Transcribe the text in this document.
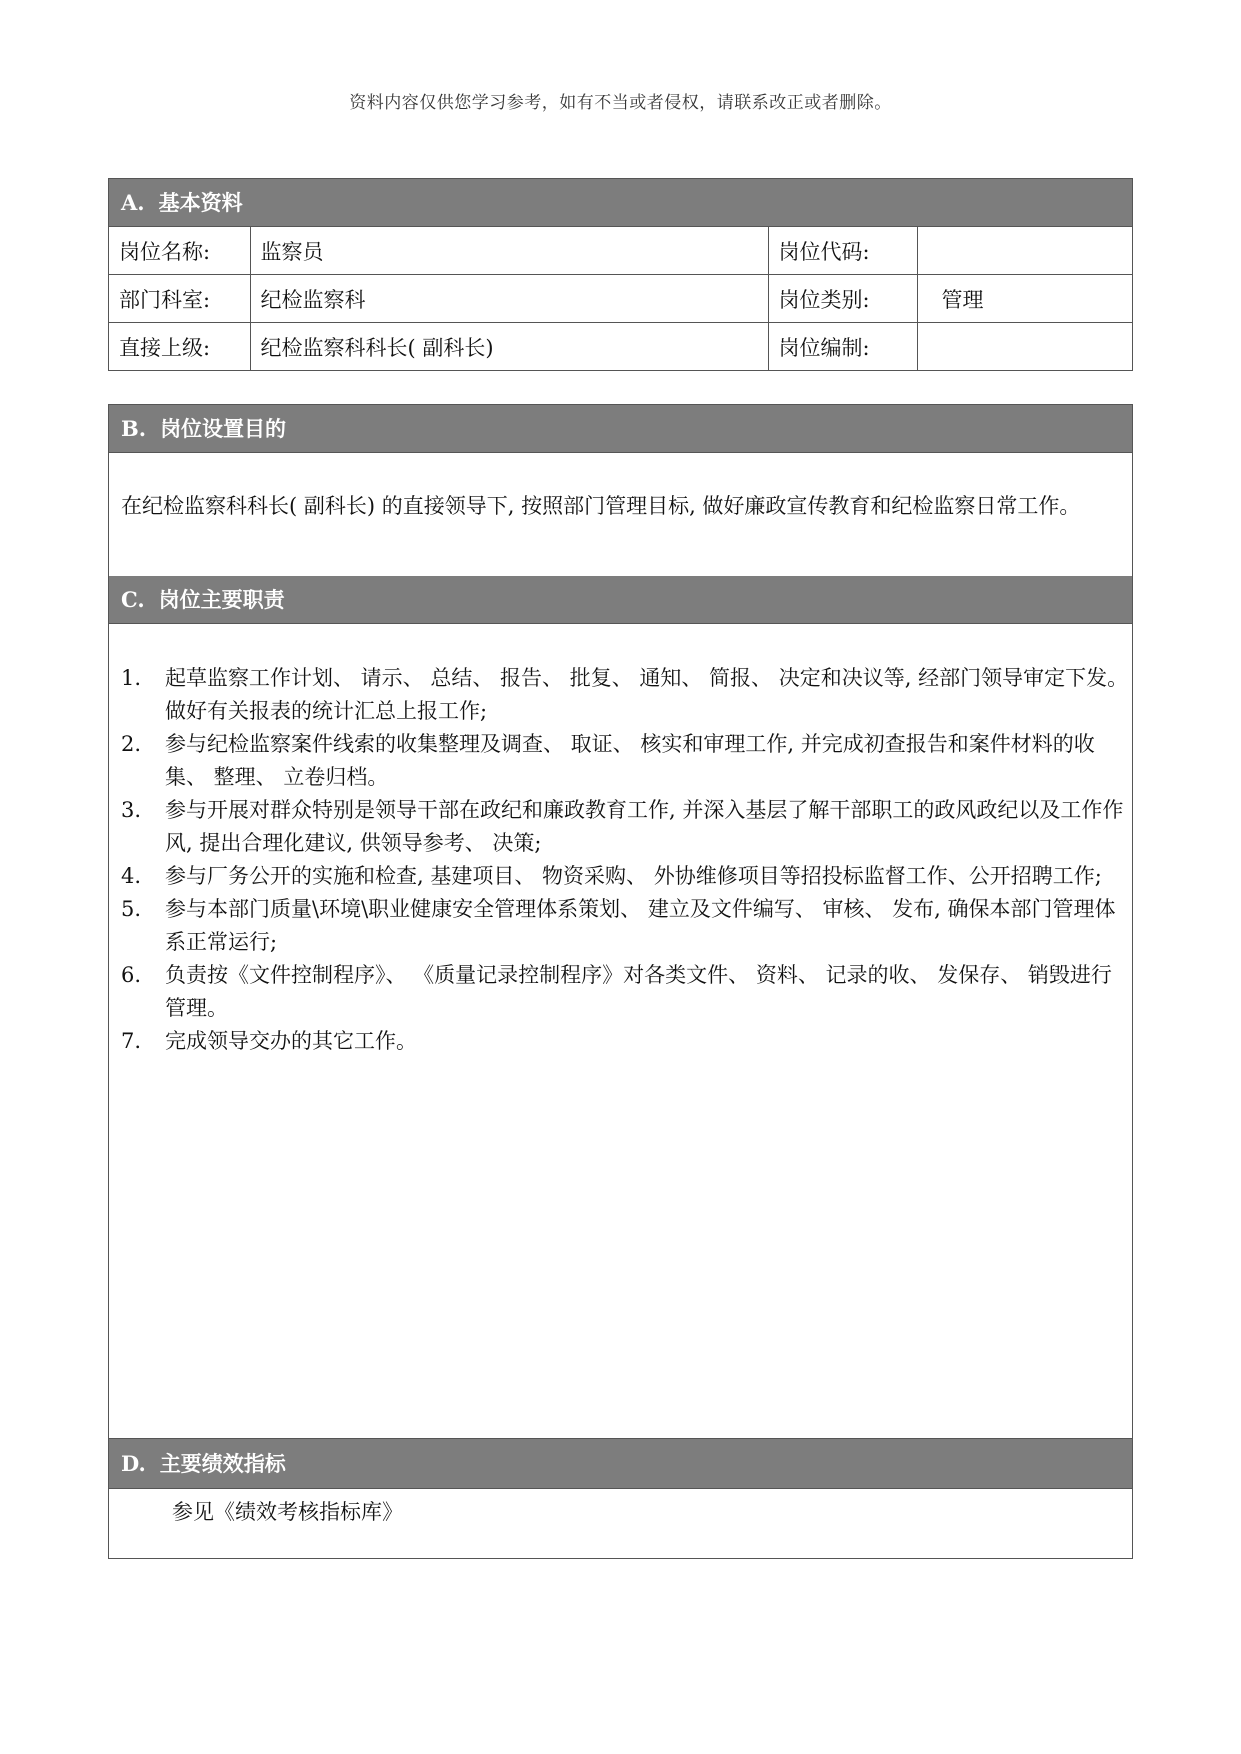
资料内容仅供您学习参考，如有不当或者侵权，请联系改正或者删除。
A. 基本资料
岗位名称:	监察员	岗位代码:	
部门科室:	纪检监察科	岗位类别:	管理
直接上级:	纪检监察科科长( 副科长)	岗位编制:	
B. 岗位设置目的
在纪检监察科科长( 副科长) 的直接领导下, 按照部门管理目标, 做好廉政宣传教育和纪检监察日常工作。
C. 岗位主要职责
1.	起草监察工作计划、 请示、 总结、 报告、 批复、 通知、 简报、 决定和决议等, 经部门领导审定下发。做好有关报表的统计汇总上报工作;
2.	参与纪检监察案件线索的收集整理及调查、 取证、 核实和审理工作, 并完成初查报告和案件材料的收集、 整理、 立卷归档。
3.	参与开展对群众特别是领导干部在政纪和廉政教育工作, 并深入基层了解干部职工的政风政纪以及工作作风, 提出合理化建议, 供领导参考、 决策;
4.	参与厂务公开的实施和检查, 基建项目、 物资采购、 外协维修项目等招投标监督工作、公开招聘工作;
5.	参与本部门质量\环境\职业健康安全管理体系策划、 建立及文件编写、 审核、 发布, 确保本部门管理体系正常运行;
6.	负责按《文件控制程序》、 《质量记录控制程序》对各类文件、 资料、 记录的收、 发保存、 销毁进行管理。
7.	完成领导交办的其它工作。
D. 主要绩效指标
参见《绩效考核指标库》
